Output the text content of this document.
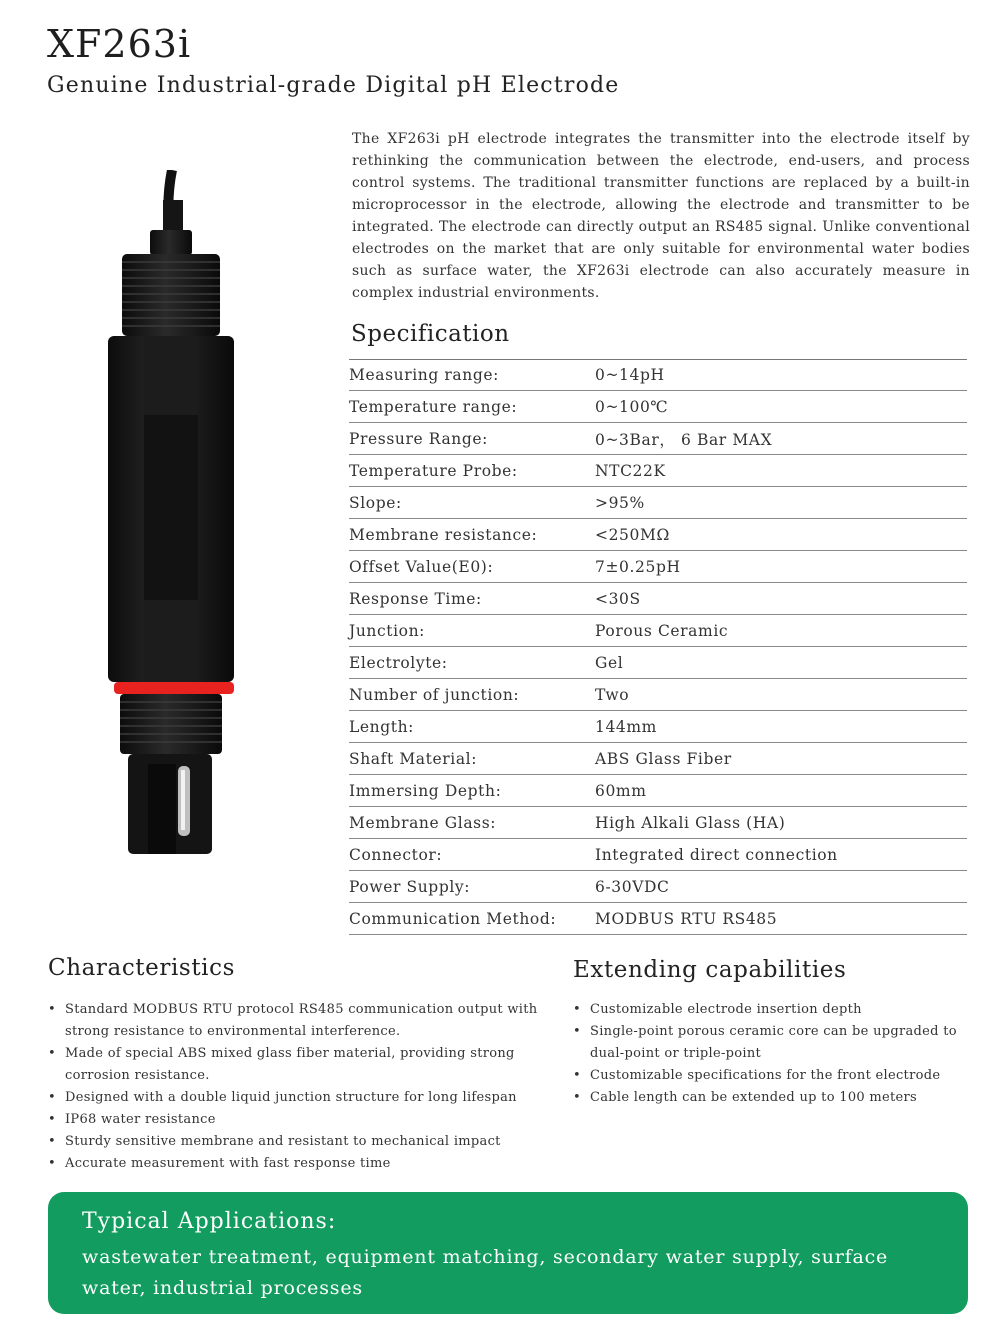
XF263i
Genuine Industrial-grade Digital pH Electrode
The XF263i pH electrode integrates the transmitter into the electrode itself by rethinking the communication between the electrode, end-users, and process control systems. The traditional transmitter functions are replaced by a built-in microprocessor in the electrode, allowing the electrode and transmitter to be integrated. The electrode can directly output an RS485 signal. Unlike conventional electrodes on the market that are only suitable for environmental water bodies such as surface water, the XF263i electrode can also accurately measure in complex industrial environments.
Specification
Measuring range:	0~14pH
Temperature range:	0~100℃
Pressure Range:	0~3Bar， 6 Bar MAX
Temperature Probe:	NTC22K
Slope:	>95%
Membrane resistance:	<250MΩ
Offset Value(E0):	7±0.25pH
Response Time:	<30S
Junction:	Porous Ceramic
Electrolyte:	Gel
Number of junction:	Two
Length:	144mm
Shaft Material:	ABS Glass Fiber
Immersing Depth:	60mm
Membrane Glass:	High Alkali Glass (HA)
Connector:	Integrated direct connection
Power Supply:	6-30VDC
Communication Method:	MODBUS RTU RS485
Characteristics
• Standard MODBUS RTU protocol RS485 communication output with strong resistance to environmental interference.
• Made of special ABS mixed glass fiber material, providing strong corrosion resistance.
• Designed with a double liquid junction structure for long lifespan
• IP68 water resistance
• Sturdy sensitive membrane and resistant to mechanical impact
• Accurate measurement with fast response time
Extending capabilities
• Customizable electrode insertion depth
• Single-point porous ceramic core can be upgraded to dual-point or triple-point
• Customizable specifications for the front electrode
• Cable length can be extended up to 100 meters
Typical Applications:
wastewater treatment, equipment matching, secondary water supply, surface water, industrial processes
